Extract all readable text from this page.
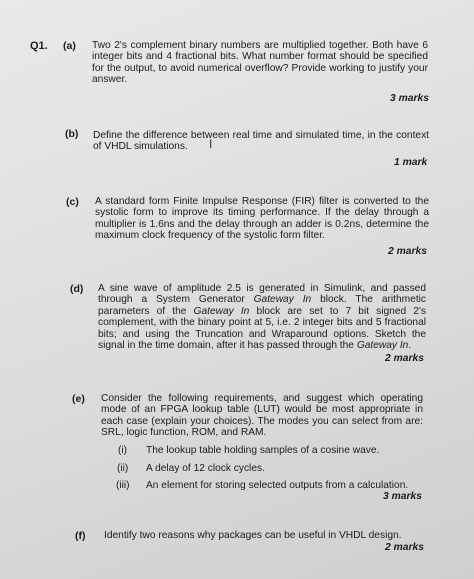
Q1. (a) Two 2's complement binary numbers are multiplied together. Both have 6 integer bits and 4 fractional bits. What number format should be specified for the output, to avoid numerical overflow? Provide working to justify your answer.
3 marks
(b) Define the difference between real time and simulated time, in the context of VHDL simulations.	I
1 mark
(c) A standard form Finite Impulse Response (FIR) filter is converted to the systolic form to improve its timing performance. If the delay through a multiplier is 1.6ns and the delay through an adder is 0.2ns, determine the maximum clock frequency of the systolic form filter.
2 marks
(d) A sine wave of amplitude 2.5 is generated in Simulink, and passed through a System Generator Gateway In block. The arithmetic parameters of the Gateway In block are set to 7 bit signed 2's complement, with the binary point at 5, i.e. 2 integer bits and 5 fractional bits; and using the Truncation and Wraparound options. Sketch the signal in the time domain, after it has passed through the Gateway In.
2 marks
(e) Consider the following requirements, and suggest which operating mode of an FPGA lookup table (LUT) would be most appropriate in each case (explain your choices). The modes you can select from are: SRL, logic function, ROM, and RAM.
(i) The lookup table holding samples of a cosine wave.
(ii) A delay of 12 clock cycles.
(iii) An element for storing selected outputs from a calculation.
3 marks
(f) Identify two reasons why packages can be useful in VHDL design.
2 marks
